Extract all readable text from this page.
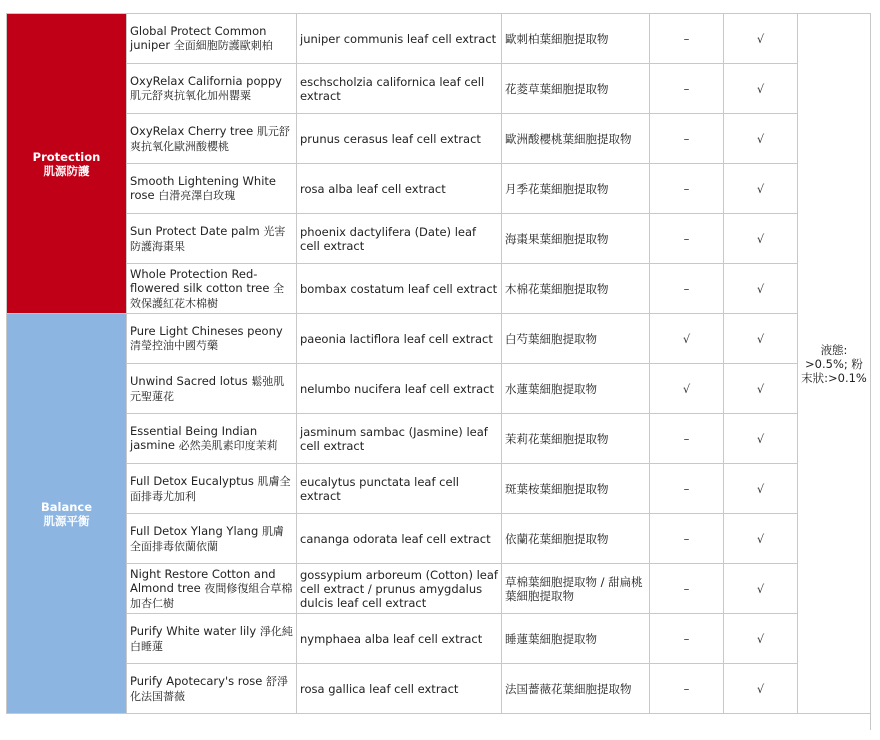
Protection
肌源防護	Global Protect Common juniper 全面細胞防護歐刺柏	juniper communis leaf cell extract	歐刺柏葉細胞提取物	–	√	液態: >0.5%; 粉末狀:>0.1%
	OxyRelax California poppy 肌元舒爽抗氧化加州罌粟	eschscholzia californica leaf cell extract	花菱草葉細胞提取物	–	√	
	OxyRelax Cherry tree 肌元舒爽抗氧化歐洲酸櫻桃	prunus cerasus leaf cell extract	歐洲酸櫻桃葉細胞提取物	–	√	
	Smooth Lightening White rose 白滑亮澤白玫瑰	rosa alba leaf cell extract	月季花葉細胞提取物	–	√	
	Sun Protect Date palm 光害防護海棗果	phoenix dactylifera (Date) leaf cell extract	海棗果葉細胞提取物	–	√	
	Whole Protection Red-flowered silk cotton tree 全效保護紅花木棉樹	bombax costatum leaf cell extract	木棉花葉細胞提取物	–	√	

Balance
肌源平衡	Pure Light Chineses peony 清瑩控油中國芍藥	paeonia lactiflora leaf cell extract	白芍葉細胞提取物	√	√	
	Unwind Sacred lotus 鬆弛肌元聖蓮花	nelumbo nucifera leaf cell extract	水蓮葉細胞提取物	√	√	
	Essential Being Indian jasmine 必然美肌素印度茉莉	jasminum sambac (Jasmine) leaf cell extract	茉莉花葉細胞提取物	–	√	
	Full Detox Eucalyptus 肌膚全面排毒尤加利	eucalytus punctata leaf cell extract	斑葉桉葉細胞提取物	–	√	
	Full Detox Ylang Ylang 肌膚全面排毒依蘭依蘭	cananga odorata leaf cell extract	依蘭花葉細胞提取物	–	√	
	Night Restore Cotton and Almond tree 夜間修復組合草棉加杏仁樹	gossypium arboreum (Cotton) leaf cell extract / prunus amygdalus dulcis leaf cell extract	草棉葉細胞提取物 / 甜扁桃葉細胞提取物	–	√	
	Purify White water lily 淨化純白睡蓮	nymphaea alba leaf cell extract	睡蓮葉細胞提取物	–	√	
	Purify Apotecary's rose 舒淨化法国薔薇	rosa gallica leaf cell extract	法国薔薇花葉細胞提取物	–	√	
